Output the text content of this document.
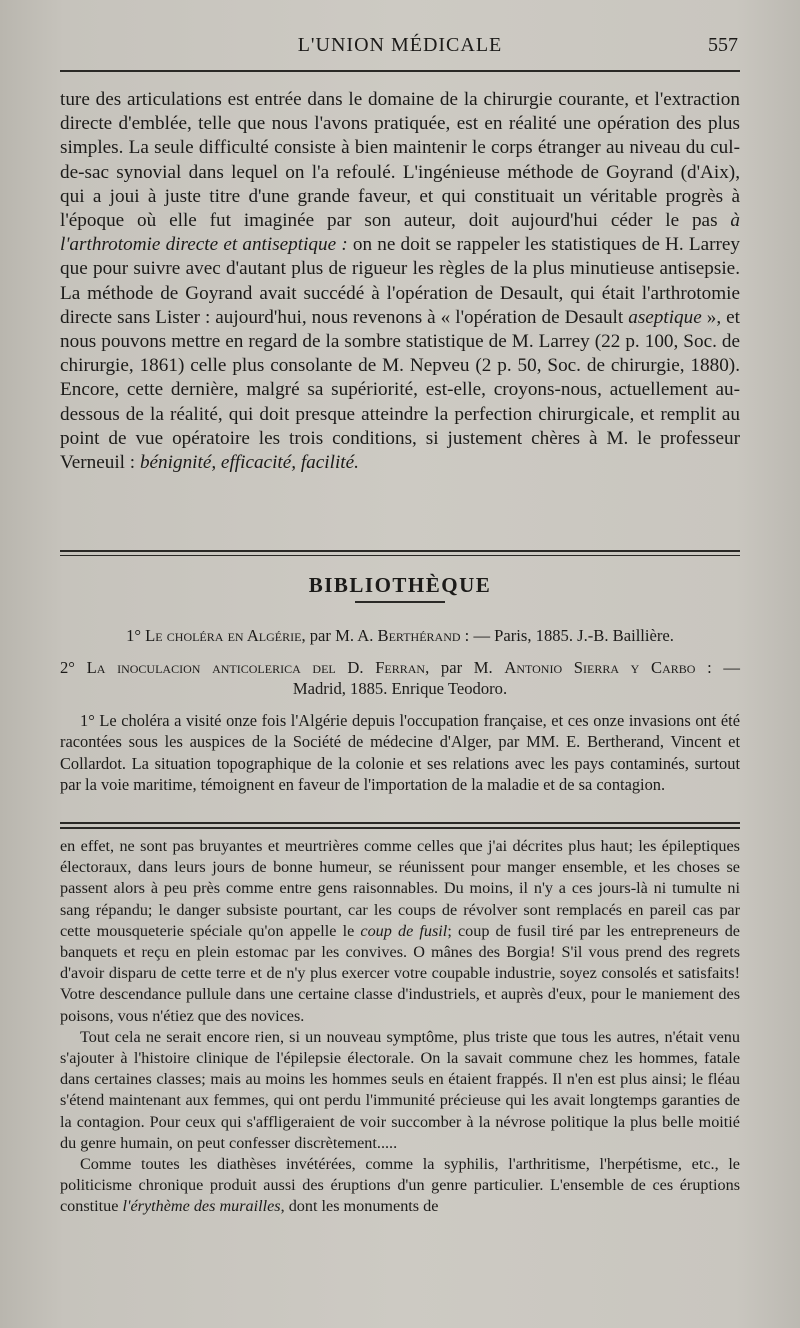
L'UNION MÉDICALE	557

ture des articulations est entrée dans le domaine de la chirurgie courante, et l'extraction directe d'emblée, telle que nous l'avons pratiquée, est en réalité une opération des plus simples. La seule difficulté consiste à bien maintenir le corps étranger au niveau du cul-de-sac synovial dans lequel on l'a refoulé. L'ingénieuse méthode de Goyrand (d'Aix), qui a joui à juste titre d'une grande faveur, et qui constituait un véritable progrès à l'époque où elle fut imaginée par son auteur, doit aujourd'hui céder le pas à l'arthrotomie directe et antiseptique : on ne doit se rappeler les statistiques de H. Larrey que pour suivre avec d'autant plus de rigueur les règles de la plus minutieuse antisepsie. La méthode de Goyrand avait succédé à l'opération de Desault, qui était l'arthrotomie directe sans Lister : aujourd'hui, nous revenons à « l'opération de Desault aseptique », et nous pouvons mettre en regard de la sombre statistique de M. Larrey (22 p. 100, Soc. de chirurgie, 1861) celle plus consolante de M. Nepveu (2 p. 50, Soc. de chirurgie, 1880). Encore, cette dernière, malgré sa supériorité, est-elle, croyons-nous, actuellement au-dessous de la réalité, qui doit presque atteindre la perfection chirurgicale, et remplit au point de vue opératoire les trois conditions, si justement chères à M. le professeur Verneuil : bénignité, efficacité, facilité.

BIBLIOTHÈQUE
1° Le choléra en Algérie, par M. A. Berthérand : — Paris, 1885. J.-B. Baillière.
2° La inoculacion anticolerica del D. Ferran, par M. Antonio Sierra y Carbo : —
Madrid, 1885. Enrique Teodoro.

1° Le choléra a visité onze fois l'Algérie depuis l'occupation française, et ces onze invasions ont été racontées sous les auspices de la Société de médecine d'Alger, par MM. E. Bertherand, Vincent et Collardot. La situation topographique de la colonie et ses relations avec les pays contaminés, surtout par la voie maritime, témoignent en faveur de l'importation de la maladie et de sa contagion.

en effet, ne sont pas bruyantes et meurtrières comme celles que j'ai décrites plus haut; les épileptiques électoraux, dans leurs jours de bonne humeur, se réunissent pour manger ensemble, et les choses se passent alors à peu près comme entre gens raisonnables. Du moins, il n'y a ces jours-là ni tumulte ni sang répandu; le danger subsiste pourtant, car les coups de révolver sont remplacés en pareil cas par cette mousqueterie spéciale qu'on appelle le coup de fusil; coup de fusil tiré par les entrepreneurs de banquets et reçu en plein estomac par les convives. O mânes des Borgia! S'il vous prend des regrets d'avoir disparu de cette terre et de n'y plus exercer votre coupable industrie, soyez consolés et satisfaits! Votre descendance pullule dans une certaine classe d'industriels, et auprès d'eux, pour le maniement des poisons, vous n'étiez que des novices.

Tout cela ne serait encore rien, si un nouveau symptôme, plus triste que tous les autres, n'était venu s'ajouter à l'histoire clinique de l'épilepsie électorale. On la savait commune chez les hommes, fatale dans certaines classes; mais au moins les hommes seuls en étaient frappés. Il n'en est plus ainsi; le fléau s'étend maintenant aux femmes, qui ont perdu l'immunité précieuse qui les avait longtemps garanties de la contagion. Pour ceux qui s'affligeraient de voir succomber à la névrose politique la plus belle moitié du genre humain, on peut confesser discrètement.....

Comme toutes les diathèses invétérées, comme la syphilis, l'arthritisme, l'herpétisme, etc., le politicisme chronique produit aussi des éruptions d'un genre particulier. L'ensemble de ces éruptions constitue l'érythème des murailles, dont les monuments de
